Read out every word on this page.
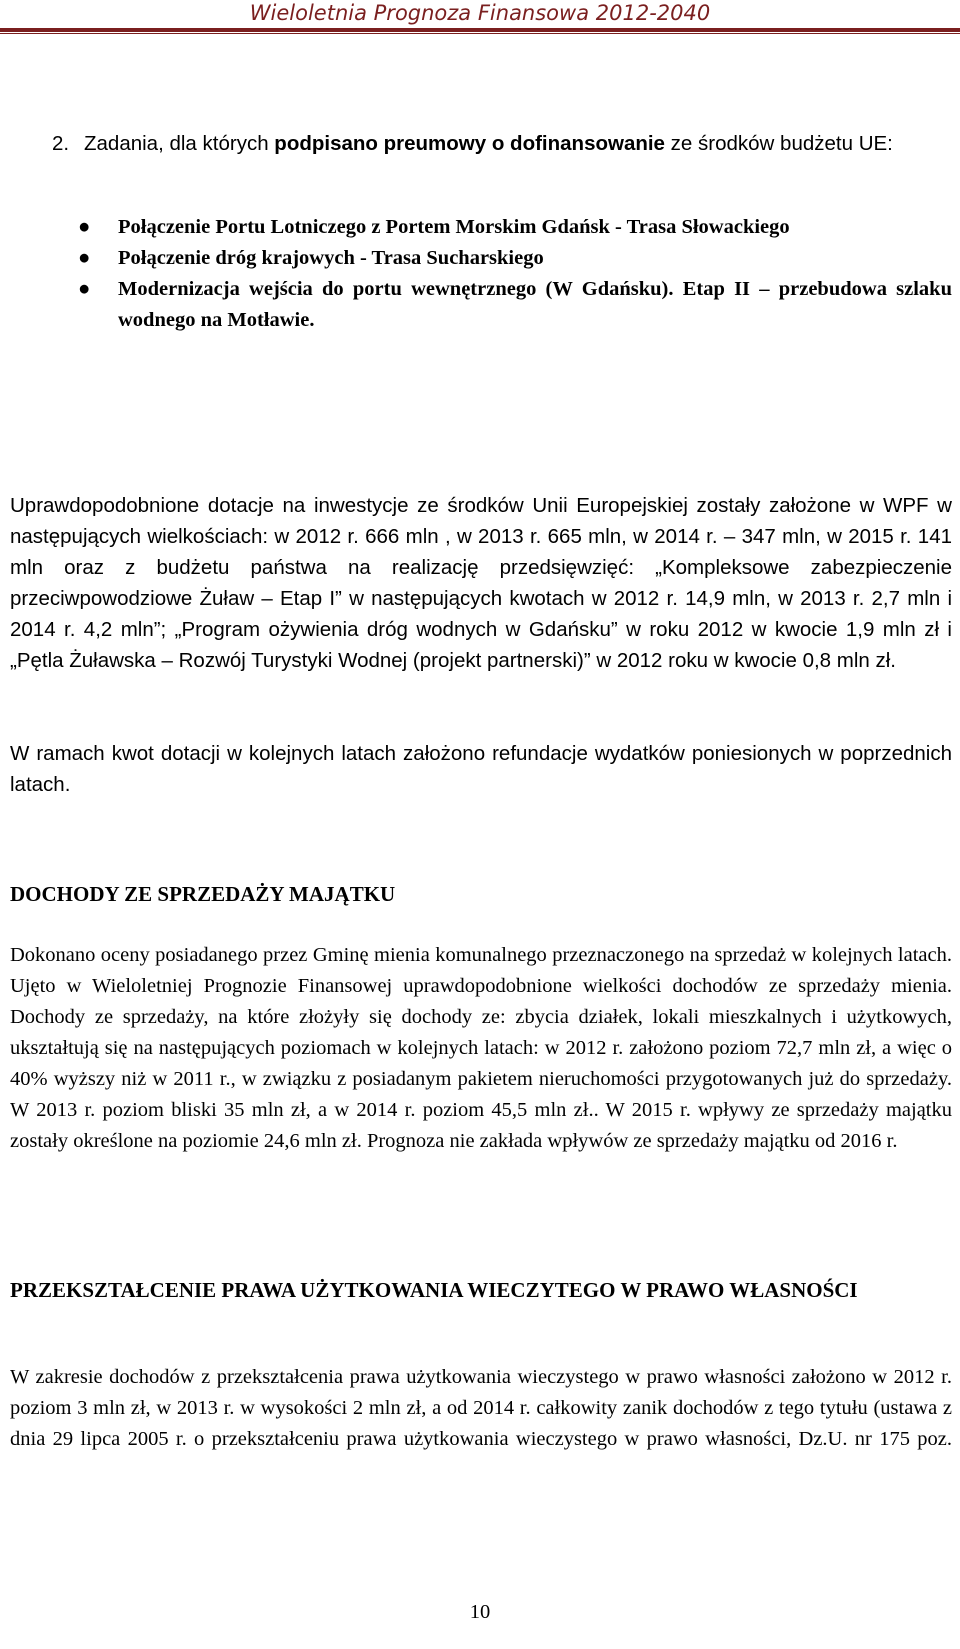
Wieloletnia Prognoza Finansowa 2012-2040
2. Zadania, dla których podpisano preumowy o dofinansowanie ze środków budżetu UE:
● Połączenie Portu Lotniczego z Portem Morskim Gdańsk - Trasa Słowackiego
● Połączenie dróg krajowych - Trasa Sucharskiego
● Modernizacja wejścia do portu wewnętrznego (W Gdańsku). Etap II – przebudowa szlaku wodnego na Motławie.
Uprawdopodobnione dotacje na inwestycje ze środków Unii Europejskiej zostały założone w WPF w następujących wielkościach: w 2012 r. 666 mln , w 2013 r. 665 mln, w 2014 r. – 347 mln, w 2015 r. 141 mln oraz z budżetu państwa na realizację przedsięwzięć: „Kompleksowe zabezpieczenie przeciwpowodziowe Żuław – Etap I” w następujących kwotach w 2012 r. 14,9 mln, w 2013 r. 2,7 mln i 2014 r. 4,2 mln”; „Program ożywienia dróg wodnych w Gdańsku” w roku 2012 w kwocie 1,9 mln zł i „Pętla Żuławska – Rozwój Turystyki Wodnej (projekt partnerski)” w 2012 roku w kwocie 0,8 mln zł.
W ramach kwot dotacji w kolejnych latach założono refundacje wydatków poniesionych w poprzednich latach.
DOCHODY ZE SPRZEDAŻY MAJĄTKU
Dokonano oceny posiadanego przez Gminę mienia komunalnego przeznaczonego na sprzedaż w kolejnych latach. Ujęto w Wieloletniej Prognozie Finansowej uprawdopodobnione wielkości dochodów ze sprzedaży mienia. Dochody ze sprzedaży, na które złożyły się dochody ze: zbycia działek, lokali mieszkalnych i użytkowych, ukształtują się na następujących poziomach w kolejnych latach: w 2012 r. założono poziom 72,7 mln zł, a więc o 40% wyższy niż w 2011 r., w związku z posiadanym pakietem nieruchomości przygotowanych już do sprzedaży. W 2013 r. poziom bliski 35 mln zł, a w 2014 r. poziom 45,5 mln zł.. W 2015 r. wpływy ze sprzedaży majątku zostały określone na poziomie 24,6 mln zł. Prognoza nie zakłada wpływów ze sprzedaży majątku od 2016 r.
PRZEKSZTAŁCENIE PRAWA UŻYTKOWANIA WIECZYTEGO W PRAWO WŁASNOŚCI
W zakresie dochodów z przekształcenia prawa użytkowania wieczystego w prawo własności założono w 2012 r. poziom 3 mln zł, w 2013 r. w wysokości 2 mln zł, a od 2014 r. całkowity zanik dochodów z tego tytułu (ustawa z dnia 29 lipca 2005 r. o przekształceniu prawa użytkowania wieczystego w prawo własności, Dz.U. nr 175 poz.
10
